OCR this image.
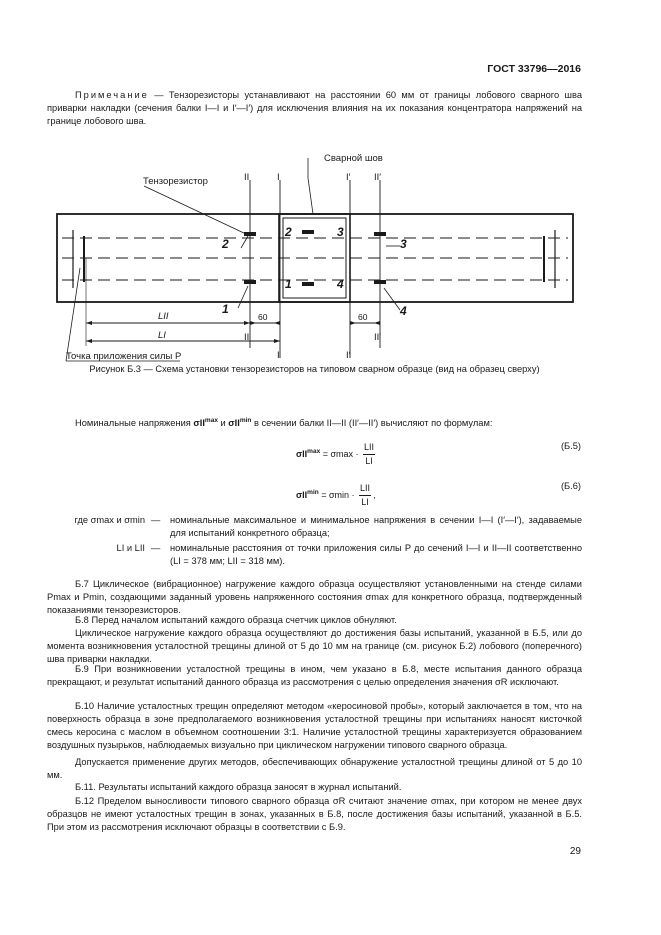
ГОСТ 33796—2016
Примечание — Тензорезисторы устанавливают на расстоянии 60 мм от границы лобового сварного шва приварки накладки (сечения балки I—I и I′—I′) для исключения влияния на их показания концентратора напряжений на границе лобового шва.
Сварной шов
Тензорезистор
Точка приложения силы P
II	I	I′ II′
II
I	I′
II′
LII
LI
60	60
1
2	3
4
2	3
1	4
Рисунок Б.3 — Схема установки тензорезисторов на типовом сварном образце (вид на образец сверху)
Номинальные напряжения σII$^{max}$ и σII$^{min}$ в сечении балки II—II (II′—II′) вычисляют по формулам:
$\sigma II^{max} = \sigma\max \cdot \frac{\text{LII}}{LI}$	(Б.5)
$\sigma II^{min} = \sigma\min \cdot \frac{\text{LII}}{LI}$ ,
(Б.6)
где σmax и σmin — номинальные максимальное и минимальное напряжения в сечении I—I (I′—I′), задаваемые для испытаний конкретного образца;
LI и LII — номинальные расстояния от точки приложения силы P до сечений I—I и II—II соответственно (LI = 378 мм; LII = 318 мм).
Б.7 Циклическое (вибрационное) нагружение каждого образца осуществляют установленными на стенде силами Pmax и Pmin, создающими заданный уровень напряженного состояния σmax для конкретного образца, подтвержденный показаниями тензорезисторов.
Б.8 Перед началом испытаний каждого образца счетчик циклов обнуляют.
Циклическое нагружение каждого образца осуществляют до достижения базы испытаний, указанной в Б.5, или до момента возникновения усталостной трещины длиной от 5 до 10 мм на границе (см. рисунок Б.2) лобового (поперечного) шва приварки накладки.
Б.9 При возникновении усталостной трещины в ином, чем указано в Б.8, месте испытания данного образца прекращают, и результат испытаний данного образца из рассмотрения с целью определения значения σR исключают.
Б.10 Наличие усталостных трещин определяют методом «керосиновой пробы», который заключается в том, что на поверхность образца в зоне предполагаемого возникновения усталостной трещины при испытаниях наносят кисточкой смесь керосина с маслом в объемном соотношении 3:1. Наличие усталостной трещины характеризуется образованием воздушных пузырьков, наблюдаемых визуально при циклическом нагружении типового сварного образца.
Допускается применение других методов, обеспечивающих обнаружение усталостной трещины длиной от 5 до 10 мм.
Б.11. Результаты испытаний каждого образца заносят в журнал испытаний.
Б.12 Пределом выносливости типового сварного образца σR считают значение σmax, при котором не менее двух образцов не имеют усталостных трещин в зонах, указанных в Б.8, после достижения базы испытаний, указанной в Б.5. При этом из рассмотрения исключают образцы в соответствии с Б.9.
29
